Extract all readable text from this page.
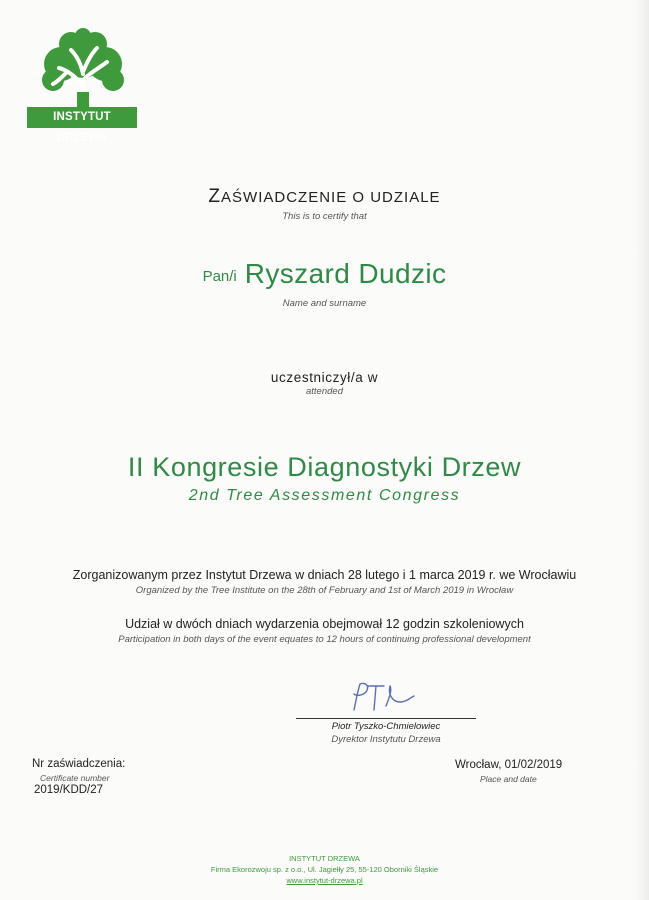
INSTYTUT DRZEWA
ZAŚWIADCZENIE O UDZIALE
This is to certify that
Pan/i Ryszard Dudzic
Name and surname
uczestniczył/a w
attended
II Kongresie Diagnostyki Drzew
2nd Tree Assessment Congress
Zorganizowanym przez Instytut Drzewa w dniach 28 lutego i 1 marca 2019 r. we Wrocławiu
Organized by the Tree Institute on the 28th of February and 1st of March 2019 in Wrocław
Udział w dwóch dniach wydarzenia obejmował 12 godzin szkoleniowych
Participation in both days of the event equates to 12 hours of continuing professional development
Piotr Tyszko-Chmielowiec
Dyrektor Instytutu Drzewa
Nr zaświadczenia:
Certificate number
2019/KDD/27
Wrocław, 01/02/2019
Place and date
INSTYTUT DRZEWA
Firma Ekorozwoju sp. z o.o., Ul. Jagiełły 25, 55-120 Oborniki Śląskie
www.instytut-drzewa.pl
